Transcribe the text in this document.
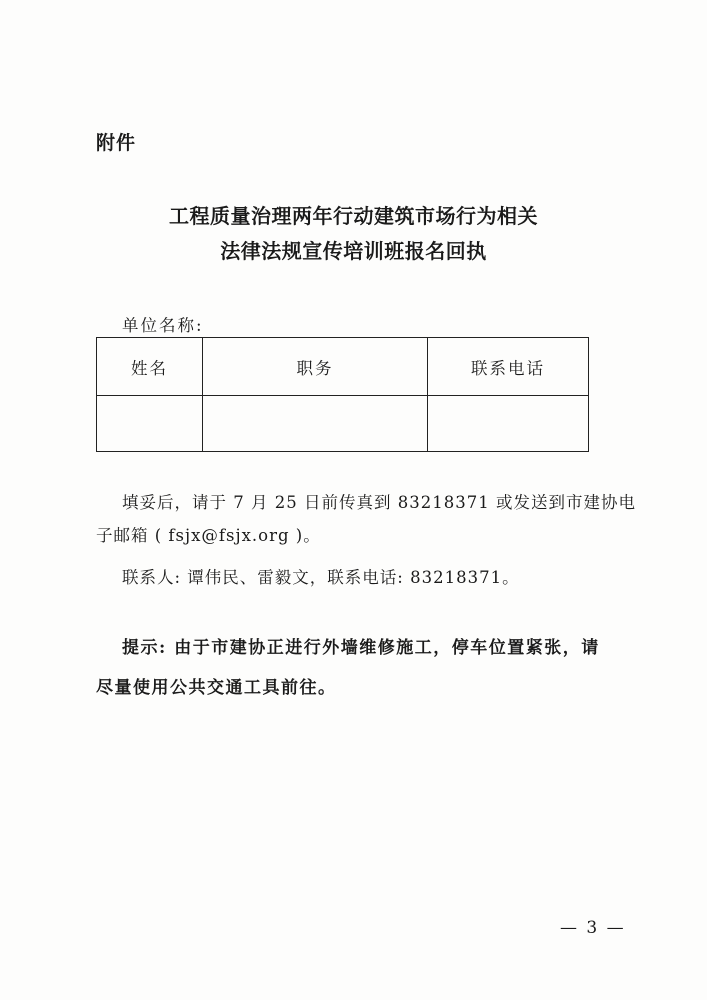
附件
工程质量治理两年行动建筑市场行为相关
法律法规宣传培训班报名回执
单位名称:
姓名	职务	联系电话

填妥后，请于 7 月 25 日前传真到 83218371 或发送到市建协电
子邮箱 ( fsjx@fsjx.org )。
联系人: 谭伟民、雷毅文，联系电话: 83218371。
提示: 由于市建协正进行外墙维修施工，停车位置紧张，请
尽量使用公共交通工具前往。
— 3 —
